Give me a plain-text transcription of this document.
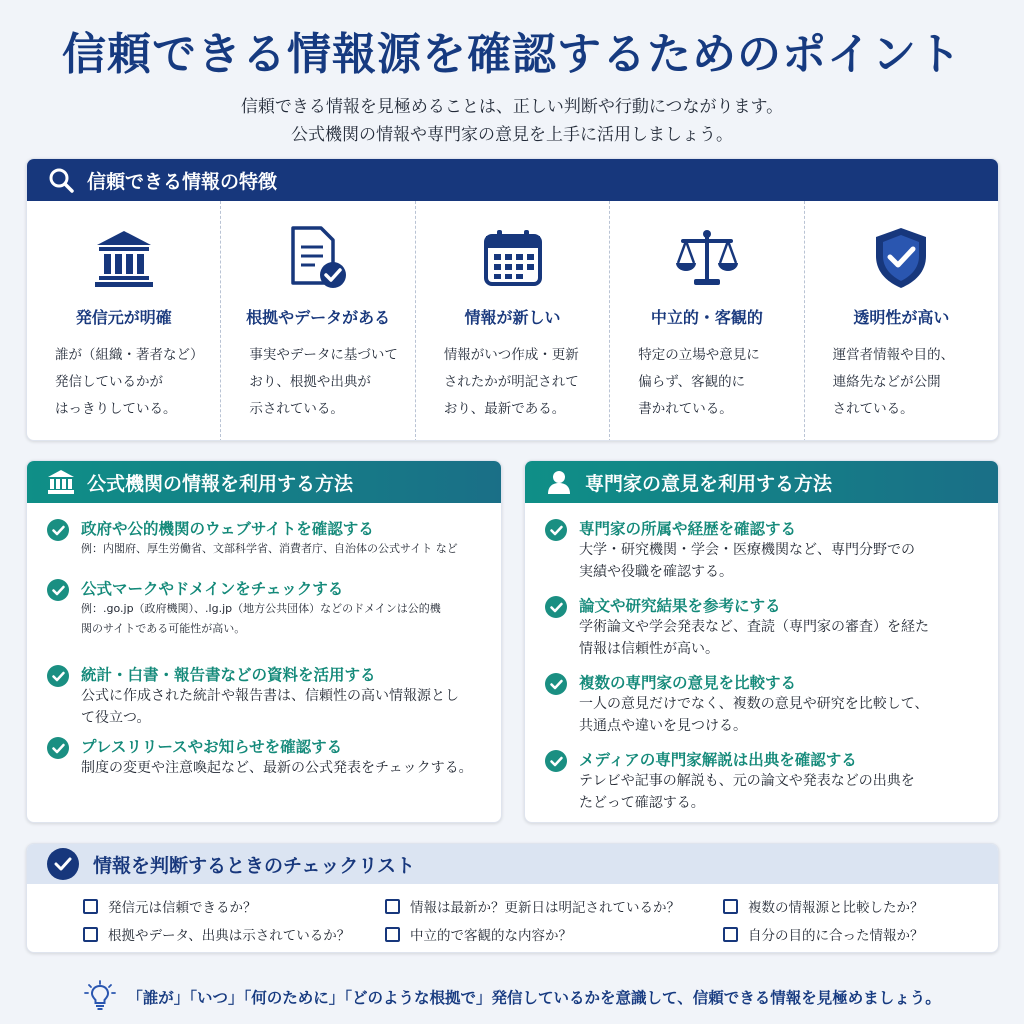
信頼できる情報源を確認するためのポイント
信頼できる情報を見極めることは、正しい判断や行動につながります。
公式機関の情報や専門家の意見を上手に活用しましょう。
信頼できる情報の特徴
発信元が明確
誰が（組織・著者など）
発信しているかが
はっきりしている。
根拠やデータがある
事実やデータに基づいて
おり、根拠や出典が
示されている。
情報が新しい
情報がいつ作成・更新
されたかが明記されて
おり、最新である。
中立的・客観的
特定の立場や意見に
偏らず、客観的に
書かれている。
透明性が高い
運営者情報や目的、
連絡先などが公開
されている。
公式機関の情報を利用する方法
政府や公的機関のウェブサイトを確認する
例：内閣府、厚生労働省、文部科学省、消費者庁、自治体の公式サイト など
公式マークやドメインをチェックする
例：.go.jp（政府機関）、.lg.jp（地方公共団体）などのドメインは公的機
関のサイトである可能性が高い。
統計・白書・報告書などの資料を活用する
公式に作成された統計や報告書は、信頼性の高い情報源とし
て役立つ。
プレスリリースやお知らせを確認する
制度の変更や注意喚起など、最新の公式発表をチェックする。
専門家の意見を利用する方法
専門家の所属や経歴を確認する
大学・研究機関・学会・医療機関など、専門分野での
実績や役職を確認する。
論文や研究結果を参考にする
学術論文や学会発表など、査読（専門家の審査）を経た
情報は信頼性が高い。
複数の専門家の意見を比較する
一人の意見だけでなく、複数の意見や研究を比較して、
共通点や違いを見つける。
メディアの専門家解説は出典を確認する
テレビや記事の解説も、元の論文や発表などの出典を
たどって確認する。
情報を判断するときのチェックリスト
発信元は信頼できるか？
根拠やデータ、出典は示されているか？
情報は最新か？更新日は明記されているか？
中立的で客観的な内容か？
複数の情報源と比較したか？
自分の目的に合った情報か？
「誰が」「いつ」「何のために」「どのような根拠で」発信しているかを意識して、信頼できる情報を見極めましょう。
